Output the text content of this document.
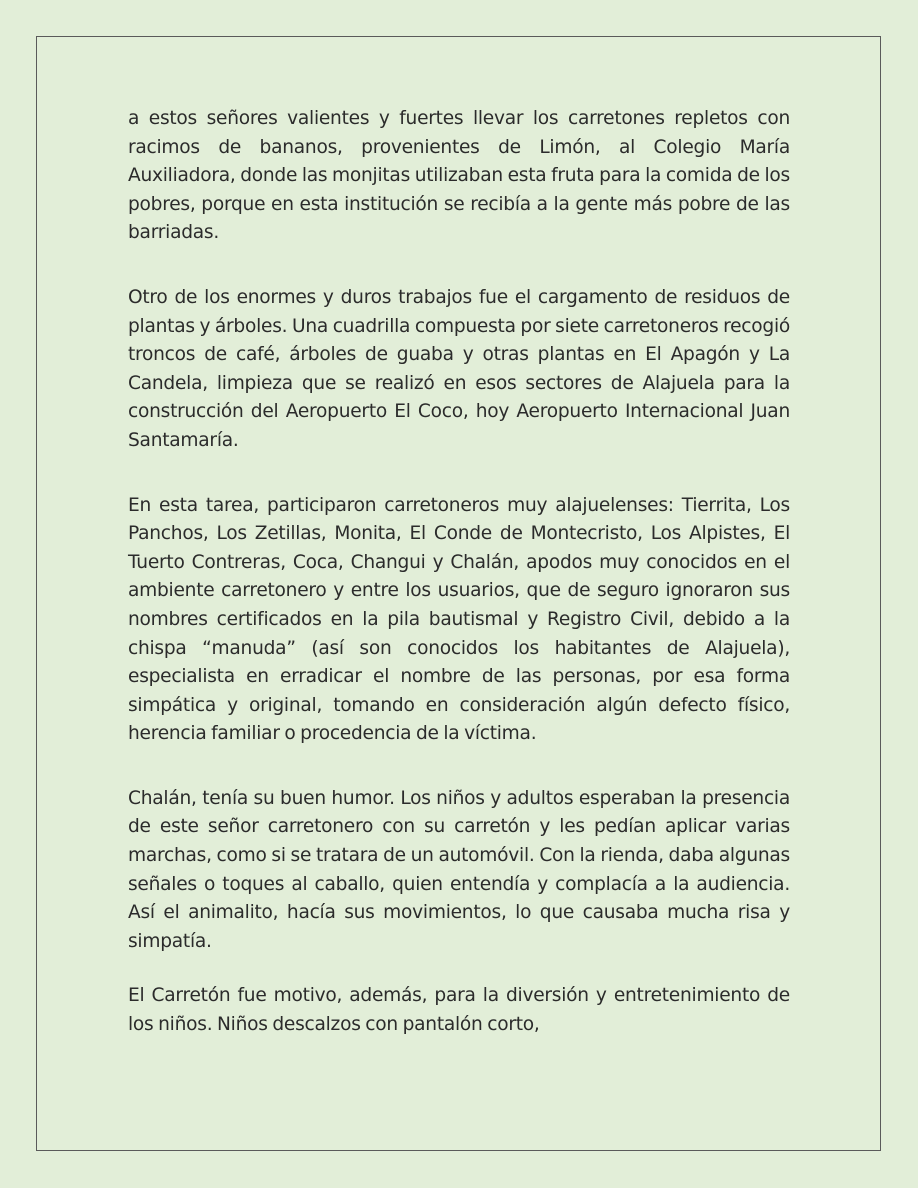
a estos señores valientes y fuertes llevar los carretones repletos con racimos de bananos, provenientes de Limón, al Colegio María Auxiliadora, donde las monjitas utilizaban esta fruta para la comida de los pobres, porque en esta institución se recibía a la gente más pobre de las barriadas.

Otro de los enormes y duros trabajos fue el cargamento de residuos de plantas y árboles. Una cuadrilla compuesta por siete carretoneros recogió troncos de café, árboles de guaba y otras plantas en El Apagón y La Candela, limpieza que se realizó en esos sectores de Alajuela para la construcción del Aeropuerto El Coco, hoy Aeropuerto Internacional Juan Santamaría.

En esta tarea, participaron carretoneros muy alajuelenses: Tierrita, Los Panchos, Los Zetillas, Monita, El Conde de Montecristo, Los Alpistes, El Tuerto Contreras, Coca, Changui y Chalán, apodos muy conocidos en el ambiente carretonero y entre los usuarios, que de seguro ignoraron sus nombres certificados en la pila bautismal y Registro Civil, debido a la chispa “manuda” (así son conocidos los habitantes de Alajuela), especialista en erradicar el nombre de las personas, por esa forma simpática y original, tomando en consideración algún defecto físico, herencia familiar o procedencia de la víctima.

Chalán, tenía su buen humor. Los niños y adultos esperaban la presencia de este señor carretonero con su carretón y les pedían aplicar varias marchas, como si se tratara de un automóvil. Con la rienda, daba algunas señales o toques al caballo, quien entendía y complacía a la audiencia. Así el animalito, hacía sus movimientos, lo que causaba mucha risa y simpatía.

El Carretón fue motivo, además, para la diversión y entretenimiento de los niños. Niños descalzos con pantalón corto,
